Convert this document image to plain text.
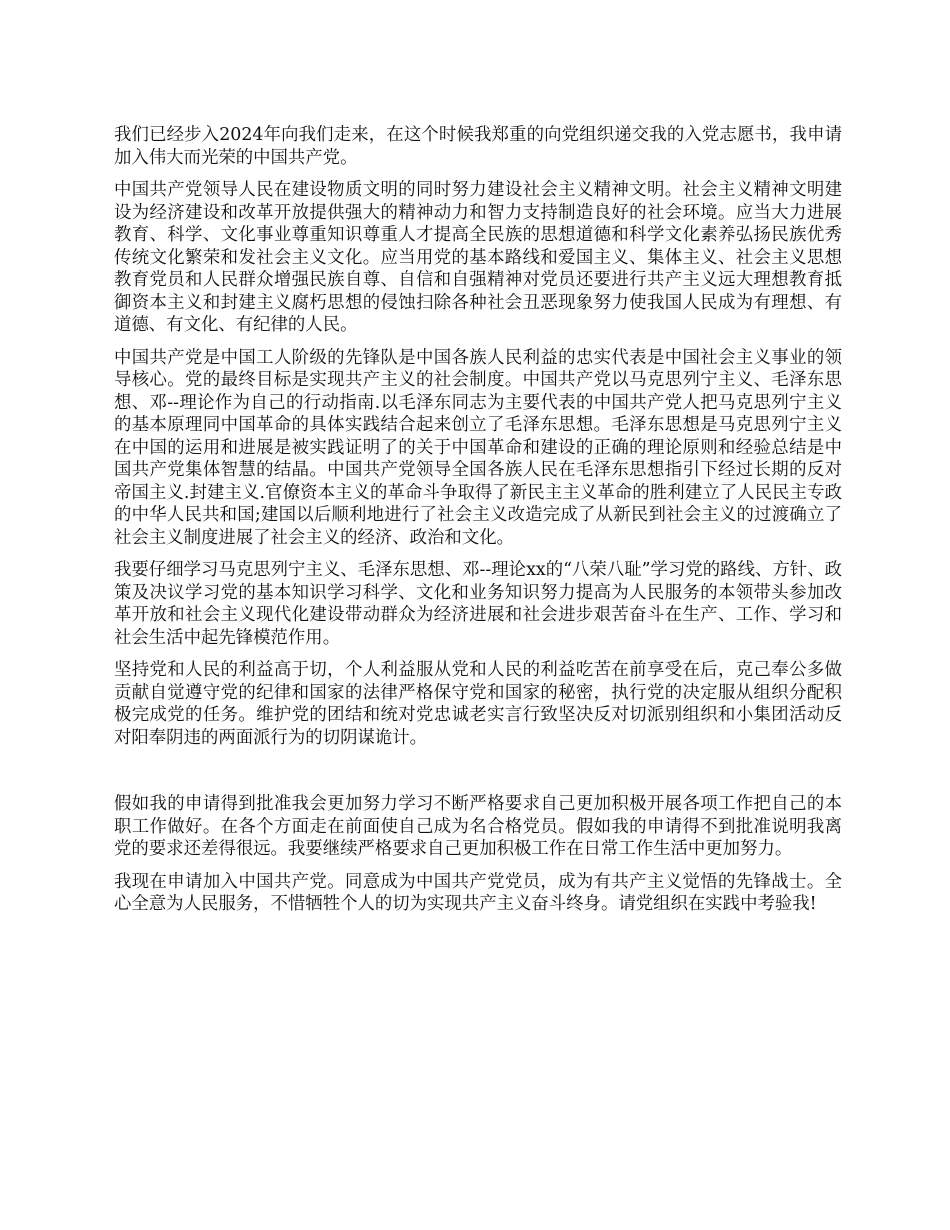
我们已经步入2024年向我们走来，在这个时候我郑重的向党组织递交我的入党志愿书，我申请加入伟大而光荣的中国共产党。

中国共产党领导人民在建设物质文明的同时努力建设社会主义精神文明。社会主义精神文明建设为经济建设和改革开放提供强大的精神动力和智力支持制造良好的社会环境。应当大力进展教育、科学、文化事业尊重知识尊重人才提高全民族的思想道德和科学文化素养弘扬民族优秀传统文化繁荣和发社会主义文化。应当用党的基本路线和爱国主义、集体主义、社会主义思想教育党员和人民群众增强民族自尊、自信和自强精神对党员还要进行共产主义远大理想教育抵御资本主义和封建主义腐朽思想的侵蚀扫除各种社会丑恶现象努力使我国人民成为有理想、有道德、有文化、有纪律的人民。

中国共产党是中国工人阶级的先锋队是中国各族人民利益的忠实代表是中国社会主义事业的领导核心。党的最终目标是实现共产主义的社会制度。中国共产党以马克思列宁主义、毛泽东思想、邓--理论作为自己的行动指南.以毛泽东同志为主要代表的中国共产党人把马克思列宁主义的基本原理同中国革命的具体实践结合起来创立了毛泽东思想。毛泽东思想是马克思列宁主义在中国的运用和进展是被实践证明了的关于中国革命和建设的正确的理论原则和经验总结是中国共产党集体智慧的结晶。中国共产党领导全国各族人民在毛泽东思想指引下经过长期的反对帝国主义.封建主义.官僚资本主义的革命斗争取得了新民主主义革命的胜利建立了人民民主专政的中华人民共和国;建国以后顺利地进行了社会主义改造完成了从新民到社会主义的过渡确立了社会主义制度进展了社会主义的经济、政治和文化。

我要仔细学习马克思列宁主义、毛泽东思想、邓--理论xx的“八荣八耻”学习党的路线、方针、政策及决议学习党的基本知识学习科学、文化和业务知识努力提高为人民服务的本领带头参加改革开放和社会主义现代化建设带动群众为经济进展和社会进步艰苦奋斗在生产、工作、学习和社会生活中起先锋模范作用。

坚持党和人民的利益高于切，个人利益服从党和人民的利益吃苦在前享受在后，克己奉公多做贡献自觉遵守党的纪律和国家的法律严格保守党和国家的秘密，执行党的决定服从组织分配积极完成党的任务。维护党的团结和统对党忠诚老实言行致坚决反对切派别组织和小集团活动反对阳奉阴违的两面派行为的切阴谋诡计。

假如我的申请得到批准我会更加努力学习不断严格要求自己更加积极开展各项工作把自己的本职工作做好。在各个方面走在前面使自己成为名合格党员。假如我的申请得不到批准说明我离党的要求还差得很远。我要继续严格要求自己更加积极工作在日常工作生活中更加努力。

我现在申请加入中国共产党。同意成为中国共产党党员，成为有共产主义觉悟的先锋战士。全心全意为人民服务，不惜牺牲个人的切为实现共产主义奋斗终身。请党组织在实践中考验我!
